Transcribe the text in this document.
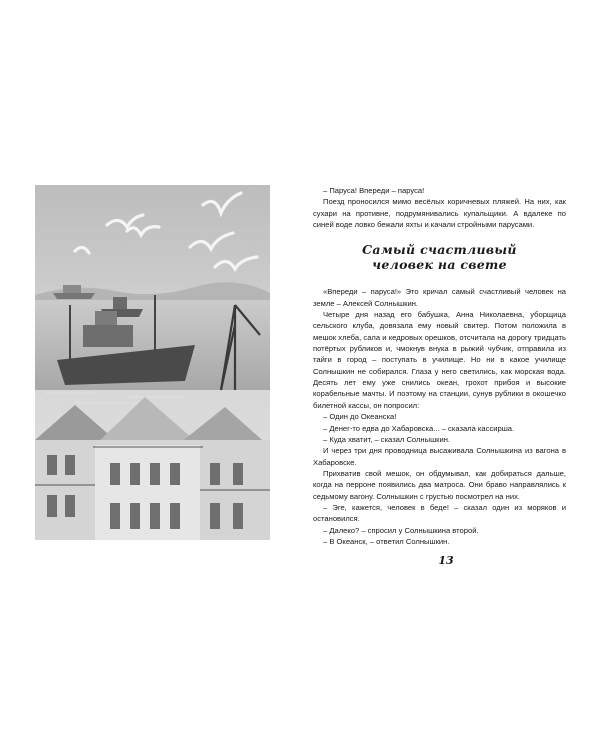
– Паруса! Впереди – паруса!

Поезд проносился мимо весёлых коричневых пляжей. На них, как сухари на противне, подрумянивались купальщики. А вдалеке по синей воде ловко бежали яхты и качали стройными парусами.

Самый счастливый
человек на свете

«Впереди – паруса!» Это кричал самый счастливый человек на земле – Алексей Солнышкин.

Четыре дня назад его бабушка, Анна Николаевна, уборщица сельского клуба, довязала ему новый свитер. Потом положила в мешок хлеба, сала и кедровых орешков, отсчитала на дорогу тридцать потёртых рубликов и, чмокнув внука в рыжий чубчик, отправила из тайги в город – поступать в училище. Но ни в какое училище Солнышкин не собирался. Глаза у него светились, как морская вода. Десять лет ему уже снились океан, грохот прибоя и высокие корабельные мачты. И поэтому на станции, сунув рублики в окошечко билетной кассы, он попросил:

– Один до Океанска!

– Денег-то едва до Хабаровска... – сказала кассирша.

– Куда хватит, – сказал Солнышкин.

И через три дня проводница высаживала Солнышкина из вагона в Хабаровске.

Прихватив свой мешок, он обдумывал, как добираться дальше, когда на перроне появились два матроса. Они браво направлялись к седьмому вагону. Солнышкин с грустью посмотрел на них.

– Эге, кажется, человек в беде! – сказал один из моряков и остановился.

– Далеко? – спросил у Солнышкина второй.

– В Океанск, – ответил Солнышкин.

13
